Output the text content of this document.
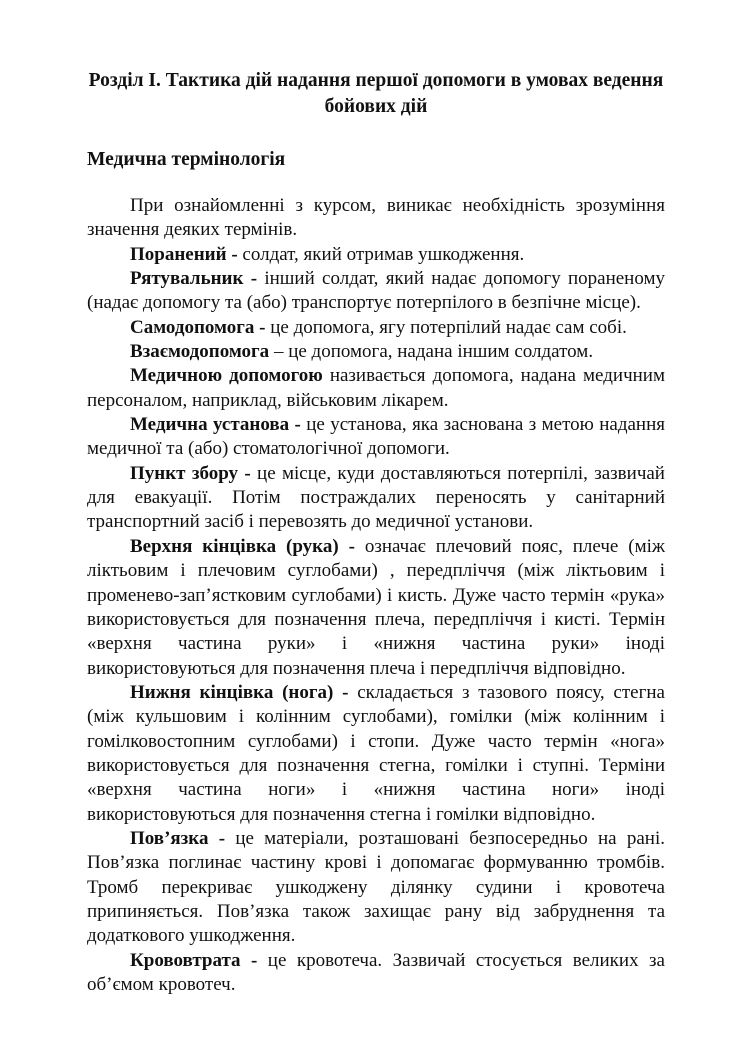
Розділ I. Тактика дій надання першої допомоги в умовах ведення бойових дій
Медична термінологія

При ознайомленні з курсом, виникає необхідність зрозуміння значення деяких термінів.

Поранений - солдат, який отримав ушкодження.

Рятувальник - інший солдат, який надає допомогу пораненому (надає допомогу та (або) транспортує потерпілого в безпічне місце).

Самодопомога - це допомога, ягу потерпілий надає сам собі.

Взаємодопомога – це допомога, надана іншим солдатом.

Медичною допомогою називається допомога, надана медичним персоналом, наприклад, військовим лікарем.

Медична установа - це установа, яка заснована з метою надання медичної та (або) стоматологічної допомоги.

Пункт збору - це місце, куди доставляються потерпілі, зазвичай для евакуації. Потім постраждалих переносять у санітарний транспортний засіб і перевозять до медичної установи.

Верхня кінцівка (рука) - означає плечовий пояс, плече (між ліктьовим і плечовим суглобами) , передпліччя (між ліктьовим і променево-зап’ястковим суглобами) і кисть. Дуже часто термін «рука» використовується для позначення плеча, передпліччя і кисті. Термін «верхня частина руки» і «нижня частина руки» іноді використовуються для позначення плеча і передпліччя відповідно.

Нижня кінцівка (нога) - складається з тазового поясу, стегна (між кульшовим і колінним суглобами), гомілки (між колінним і гомілковостопним суглобами) і стопи. Дуже часто термін «нога» використовується для позначення стегна, гомілки і ступні. Терміни «верхня частина ноги» і «нижня частина ноги» іноді використовуються для позначення стегна і гомілки відповідно.

Пов’язка - це матеріали, розташовані безпосередньо на рані. Пов’язка поглинає частину крові і допомагає формуванню тромбів. Тромб перекриває ушкоджену ділянку судини і кровотеча припиняється. Пов’язка також захищає рану від забруднення та додаткового ушкодження.

Крововтрата - це кровотеча. Зазвичай стосується великих за об’ємом кровотеч.
